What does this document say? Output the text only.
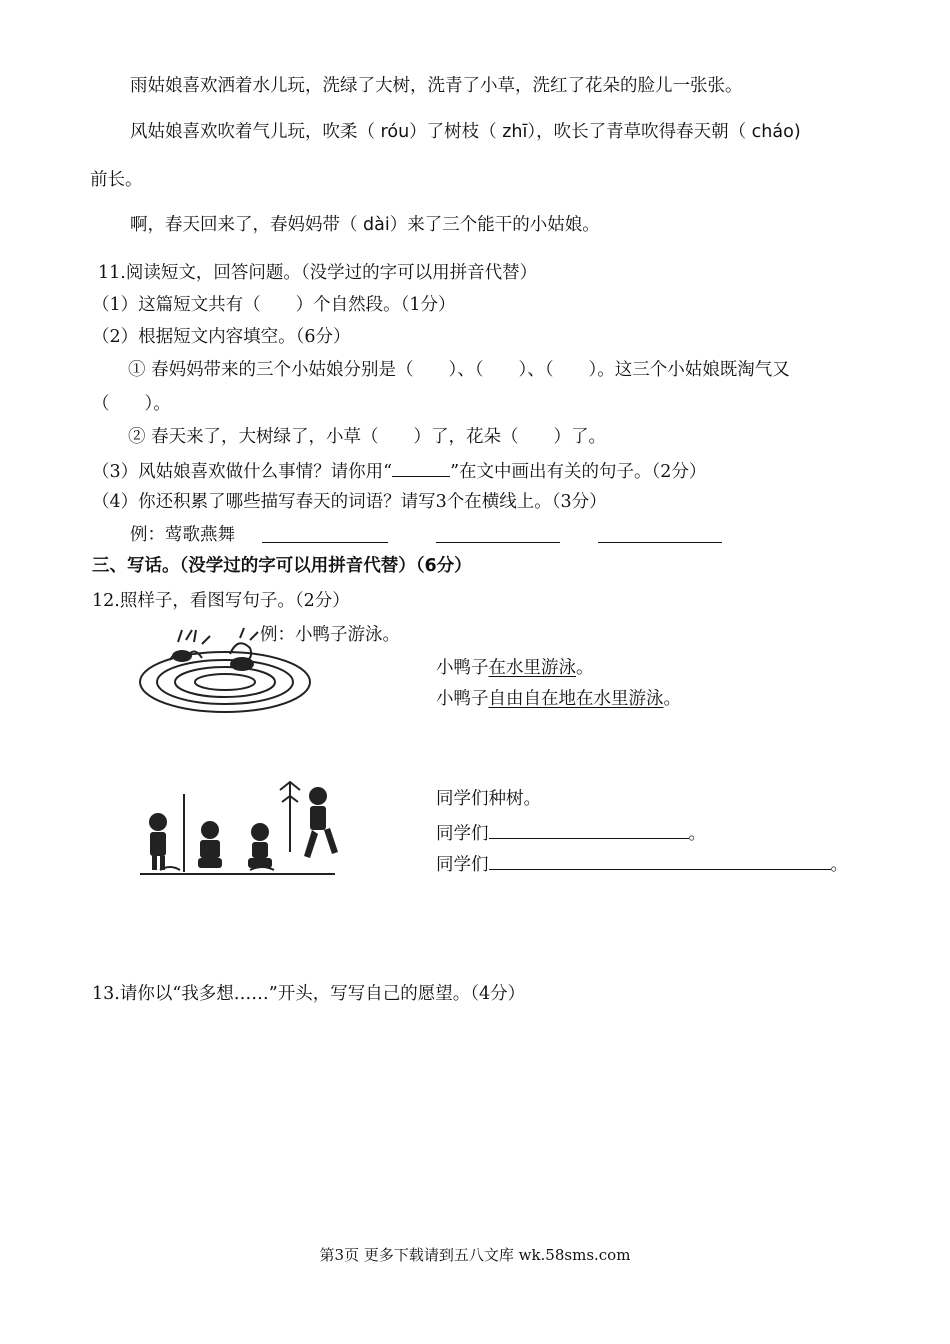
雨姑娘喜欢洒着水儿玩，洗绿了大树，洗青了小草，洗红了花朵的脸儿一张张。
风姑娘喜欢吹着气儿玩，吹柔（ róu）了树枝（ zhī），吹长了青草吹得春天朝（ cháo)
前长。
啊，春天回来了，春妈妈带（ dài）来了三个能干的小姑娘。
11.阅读短文，回答问题。（没学过的字可以用拼音代替）
（1）这篇短文共有（　　）个自然段。（1分）
（2）根据短文内容填空。（6分）
① 春妈妈带来的三个小姑娘分别是（　　）、（　　）、（　　）。这三个小姑娘既淘气又
（　　）。
② 春天来了，大树绿了，小草（　　）了，花朵（　　）了。
（3）风姑娘喜欢做什么事情？请你用“	”在文中画出有关的句子。（2分）
（4）你还积累了哪些描写春天的词语？请写3个在横线上。（3分）
例：莺歌燕舞
三、写话。（没学过的字可以用拼音代替）（6分）
12.照样子，看图写句子。（2分）
例：小鸭子游泳。
小鸭子在水里游泳。
小鸭子自由自在地在水里游泳。
同学们种树。
同学们	。
同学们	。
13.请你以“我多想……”开头，写写自己的愿望。（4分）
第3页 更多下载请到五八文库 wk.58sms.com
